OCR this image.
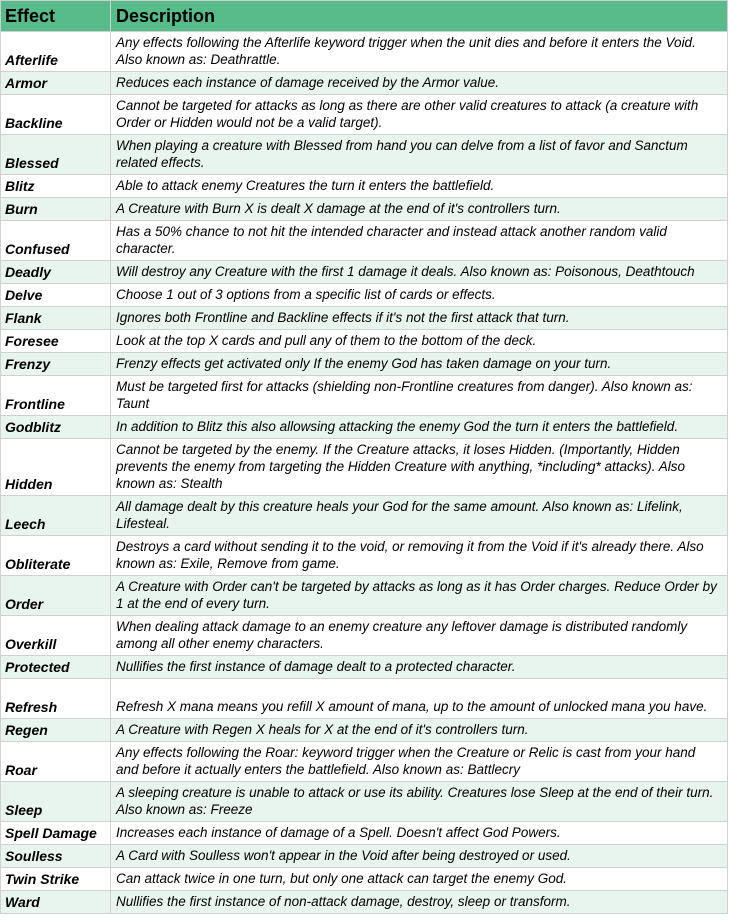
Effect	Description
Afterlife	Any effects following the Afterlife keyword trigger when the unit dies and before it enters the Void. Also known as: Deathrattle.
Armor	Reduces each instance of damage received by the Armor value.
Backline	Cannot be targeted for attacks as long as there are other valid creatures to attack (a creature with Order or Hidden would not be a valid target).
Blessed	When playing a creature with Blessed from hand you can delve from a list of favor and Sanctum related effects.
Blitz	Able to attack enemy Creatures the turn it enters the battlefield.
Burn	A Creature with Burn X is dealt X damage at the end of it's controllers turn.
Confused	Has a 50% chance to not hit the intended character and instead attack another random valid character.
Deadly	Will destroy any Creature with the first 1 damage it deals. Also known as: Poisonous, Deathtouch
Delve	Choose 1 out of 3 options from a specific list of cards or effects.
Flank	Ignores both Frontline and Backline effects if it's not the first attack that turn.
Foresee	Look at the top X cards and pull any of them to the bottom of the deck.
Frenzy	Frenzy effects get activated only If the enemy God has taken damage on your turn.
Frontline	Must be targeted first for attacks (shielding non-Frontline creatures from danger). Also known as: Taunt
Godblitz	In addition to Blitz this also allowsing attacking the enemy God the turn it enters the battlefield.
Hidden	Cannot be targeted by the enemy. If the Creature attacks, it loses Hidden. (Importantly, Hidden prevents the enemy from targeting the Hidden Creature with anything, *including* attacks). Also known as: Stealth
Leech	All damage dealt by this creature heals your God for the same amount. Also known as: Lifelink, Lifesteal.
Obliterate	Destroys a card without sending it to the void, or removing it from the Void if it's already there. Also known as: Exile, Remove from game.
Order	A Creature with Order can't be targeted by attacks as long as it has Order charges. Reduce Order by 1 at the end of every turn.
Overkill	When dealing attack damage to an enemy creature any leftover damage is distributed randomly among all other enemy characters.
Protected	Nullifies the first instance of damage dealt to a protected character.
Refresh	Refresh X mana means you refill X amount of mana, up to the amount of unlocked mana you have.
Regen	A Creature with Regen X heals for X at the end of it's controllers turn.
Roar	Any effects following the Roar: keyword trigger when the Creature or Relic is cast from your hand and before it actually enters the battlefield. Also known as: Battlecry
Sleep	A sleeping creature is unable to attack or use its ability. Creatures lose Sleep at the end of their turn. Also known as: Freeze
Spell Damage	Increases each instance of damage of a Spell. Doesn't affect God Powers.
Soulless	A Card with Soulless won't appear in the Void after being destroyed or used.
Twin Strike	Can attack twice in one turn, but only one attack can target the enemy God.
Ward	Nullifies the first instance of non-attack damage, destroy, sleep or transform.
